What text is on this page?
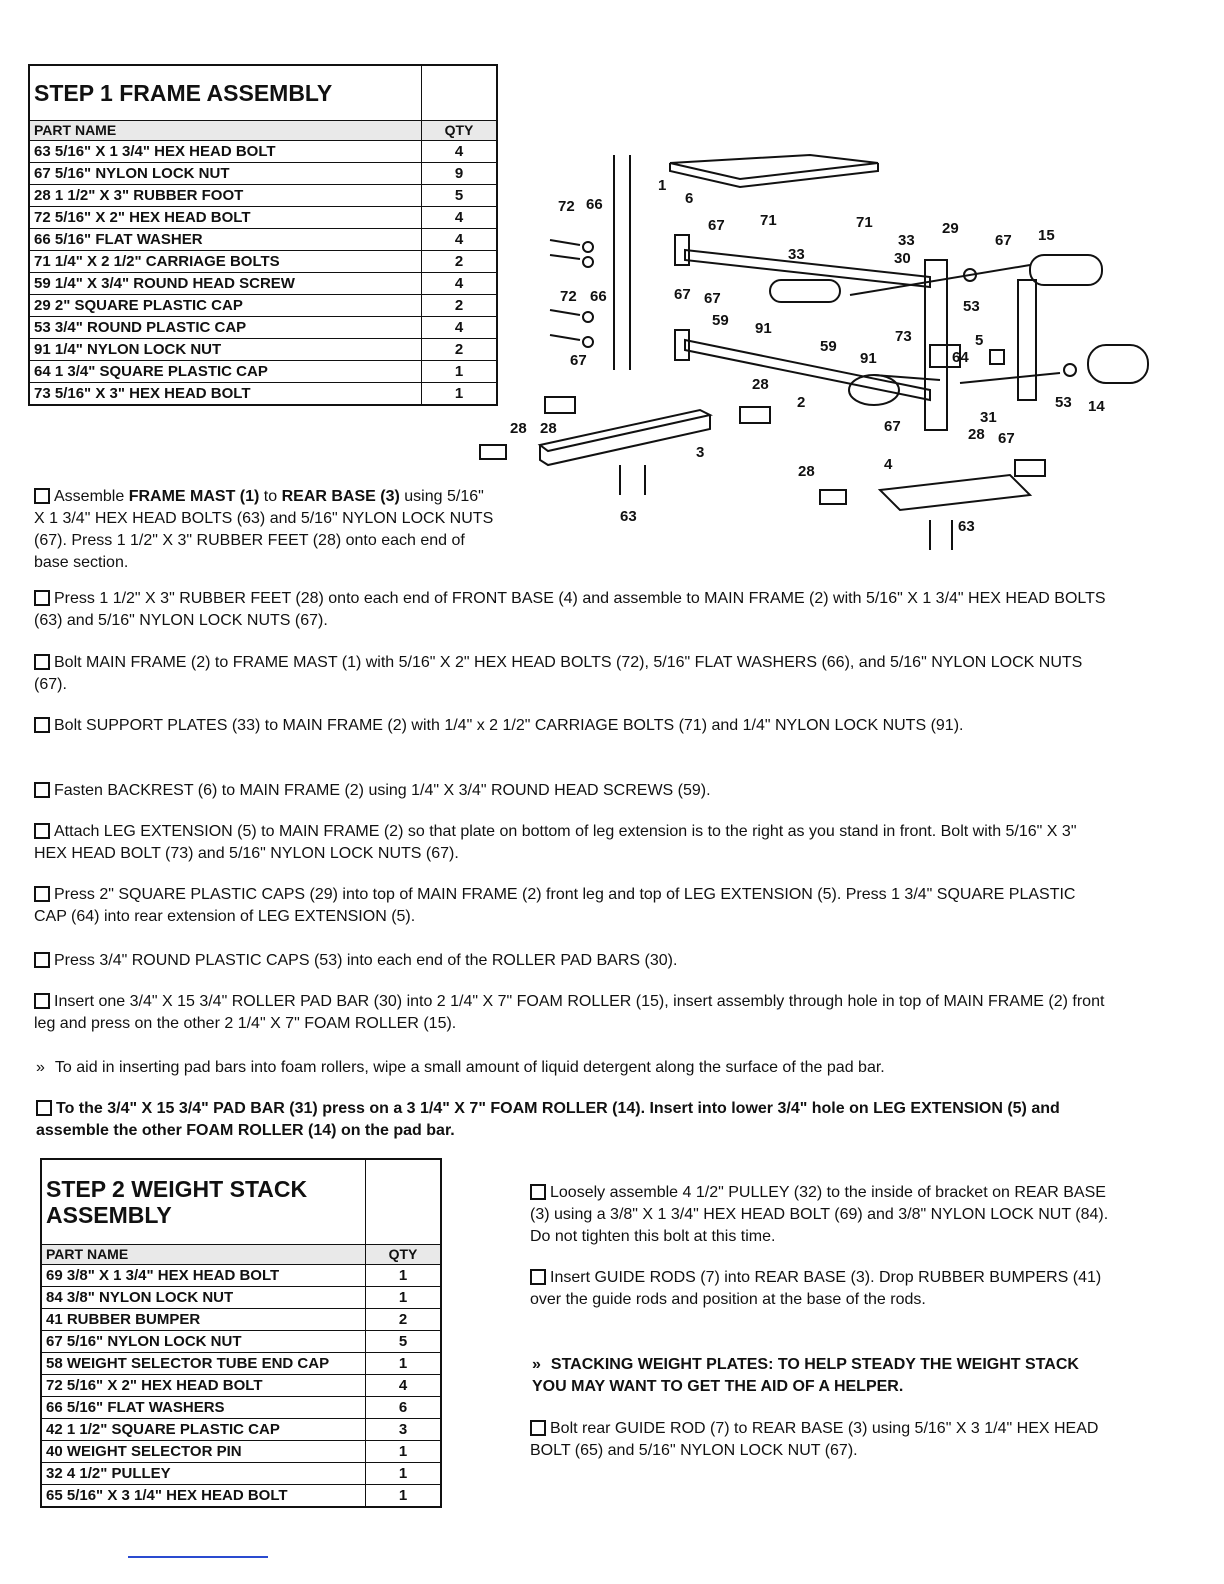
STEP 1 FRAME ASSEMBLY	
PART NAME	QTY
63 5/16" X 1 3/4" HEX HEAD BOLT	4
67 5/16" NYLON LOCK NUT	9
28 1 1/2" X 3" RUBBER FOOT	5
72 5/16" X 2" HEX HEAD BOLT	4
66 5/16" FLAT WASHER	4
71 1/4" X 2 1/2" CARRIAGE BOLTS	2
59 1/4" X 3/4" ROUND HEAD SCREW	4
29 2" SQUARE PLASTIC CAP	2
53 3/4" ROUND PLASTIC CAP	4
91 1/4" NYLON LOCK NUT	2
64 1 3/4" SQUARE PLASTIC CAP	1
73 5/16" X 3" HEX HEAD BOLT	1
1
6
72 66
67 71
33
71
33
30
29
67 15
72 66	67 67
59 91
53
59
91
73	5
64
67
28
2	14
53
28 28
3
31
67	28 67
4
28
63
63
Assemble FRAME MAST (1) to REAR BASE (3) using 5/16" X 1 3/4" HEX HEAD BOLTS (63) and 5/16" NYLON LOCK NUTS (67). Press 1 1/2" X 3" RUBBER FEET (28) onto each end of base section.
Press 1 1/2" X 3" RUBBER FEET (28) onto each end of FRONT BASE (4) and assemble to MAIN FRAME (2) with 5/16" X 1 3/4" HEX HEAD BOLTS (63) and 5/16" NYLON LOCK NUTS (67).
Bolt MAIN FRAME (2) to FRAME MAST (1) with 5/16" X 2" HEX HEAD BOLTS (72), 5/16" FLAT WASHERS (66), and 5/16" NYLON LOCK NUTS (67).
Bolt SUPPORT PLATES (33) to MAIN FRAME (2) with 1/4" x 2 1/2" CARRIAGE BOLTS (71) and 1/4" NYLON LOCK NUTS (91).
Fasten BACKREST (6) to MAIN FRAME (2) using 1/4" X 3/4" ROUND HEAD SCREWS (59).
Attach LEG EXTENSION (5) to MAIN FRAME (2) so that plate on bottom of leg extension is to the right as you stand in front. Bolt with 5/16" X 3" HEX HEAD BOLT (73) and 5/16" NYLON LOCK NUTS (67).
Press 2" SQUARE PLASTIC CAPS (29) into top of MAIN FRAME (2) front leg and top of LEG EXTENSION (5). Press 1 3/4" SQUARE PLASTIC CAP (64) into rear extension of LEG EXTENSION (5).
Press 3/4" ROUND PLASTIC CAPS (53) into each end of the ROLLER PAD BARS (30).
Insert one 3/4" X 15 3/4" ROLLER PAD BAR (30) into 2 1/4" X 7" FOAM ROLLER (15), insert assembly through hole in top of MAIN FRAME (2) front leg and press on the other 2 1/4" X 7" FOAM ROLLER (15).
» To aid in inserting pad bars into foam rollers, wipe a small amount of liquid detergent along the surface of the pad bar.
To the 3/4" X 15 3/4" PAD BAR (31) press on a 3 1/4" X 7" FOAM ROLLER (14). Insert into lower 3/4" hole on LEG EXTENSION (5) and assemble the other FOAM ROLLER (14) on the pad bar.
STEP 2 WEIGHT STACK
ASSEMBLY	

PART NAME	QTY
69 3/8" X 1 3/4" HEX HEAD BOLT	1
84 3/8" NYLON LOCK NUT	1
41 RUBBER BUMPER	2
67 5/16" NYLON LOCK NUT	5
58 WEIGHT SELECTOR TUBE END CAP	1
72 5/16" X 2" HEX HEAD BOLT	4
66 5/16" FLAT WASHERS	6
42 1 1/2" SQUARE PLASTIC CAP	3
40 WEIGHT SELECTOR PIN	1
32 4 1/2" PULLEY	1
65 5/16" X 3 1/4" HEX HEAD BOLT	1
Loosely assemble 4 1/2" PULLEY (32) to the inside of bracket on REAR BASE (3) using a 3/8" X 1 3/4" HEX HEAD BOLT (69) and 3/8" NYLON LOCK NUT (84). Do not tighten this bolt at this time.
Insert GUIDE RODS (7) into REAR BASE (3). Drop RUBBER BUMPERS (41) over the guide rods and position at the base of the rods.
» STACKING WEIGHT PLATES: TO HELP STEADY THE WEIGHT STACK YOU MAY WANT TO GET THE AID OF A HELPER.
Bolt rear GUIDE ROD (7) to REAR BASE (3) using 5/16" X 3 1/4" HEX HEAD BOLT (65) and 5/16" NYLON LOCK NUT (67).
